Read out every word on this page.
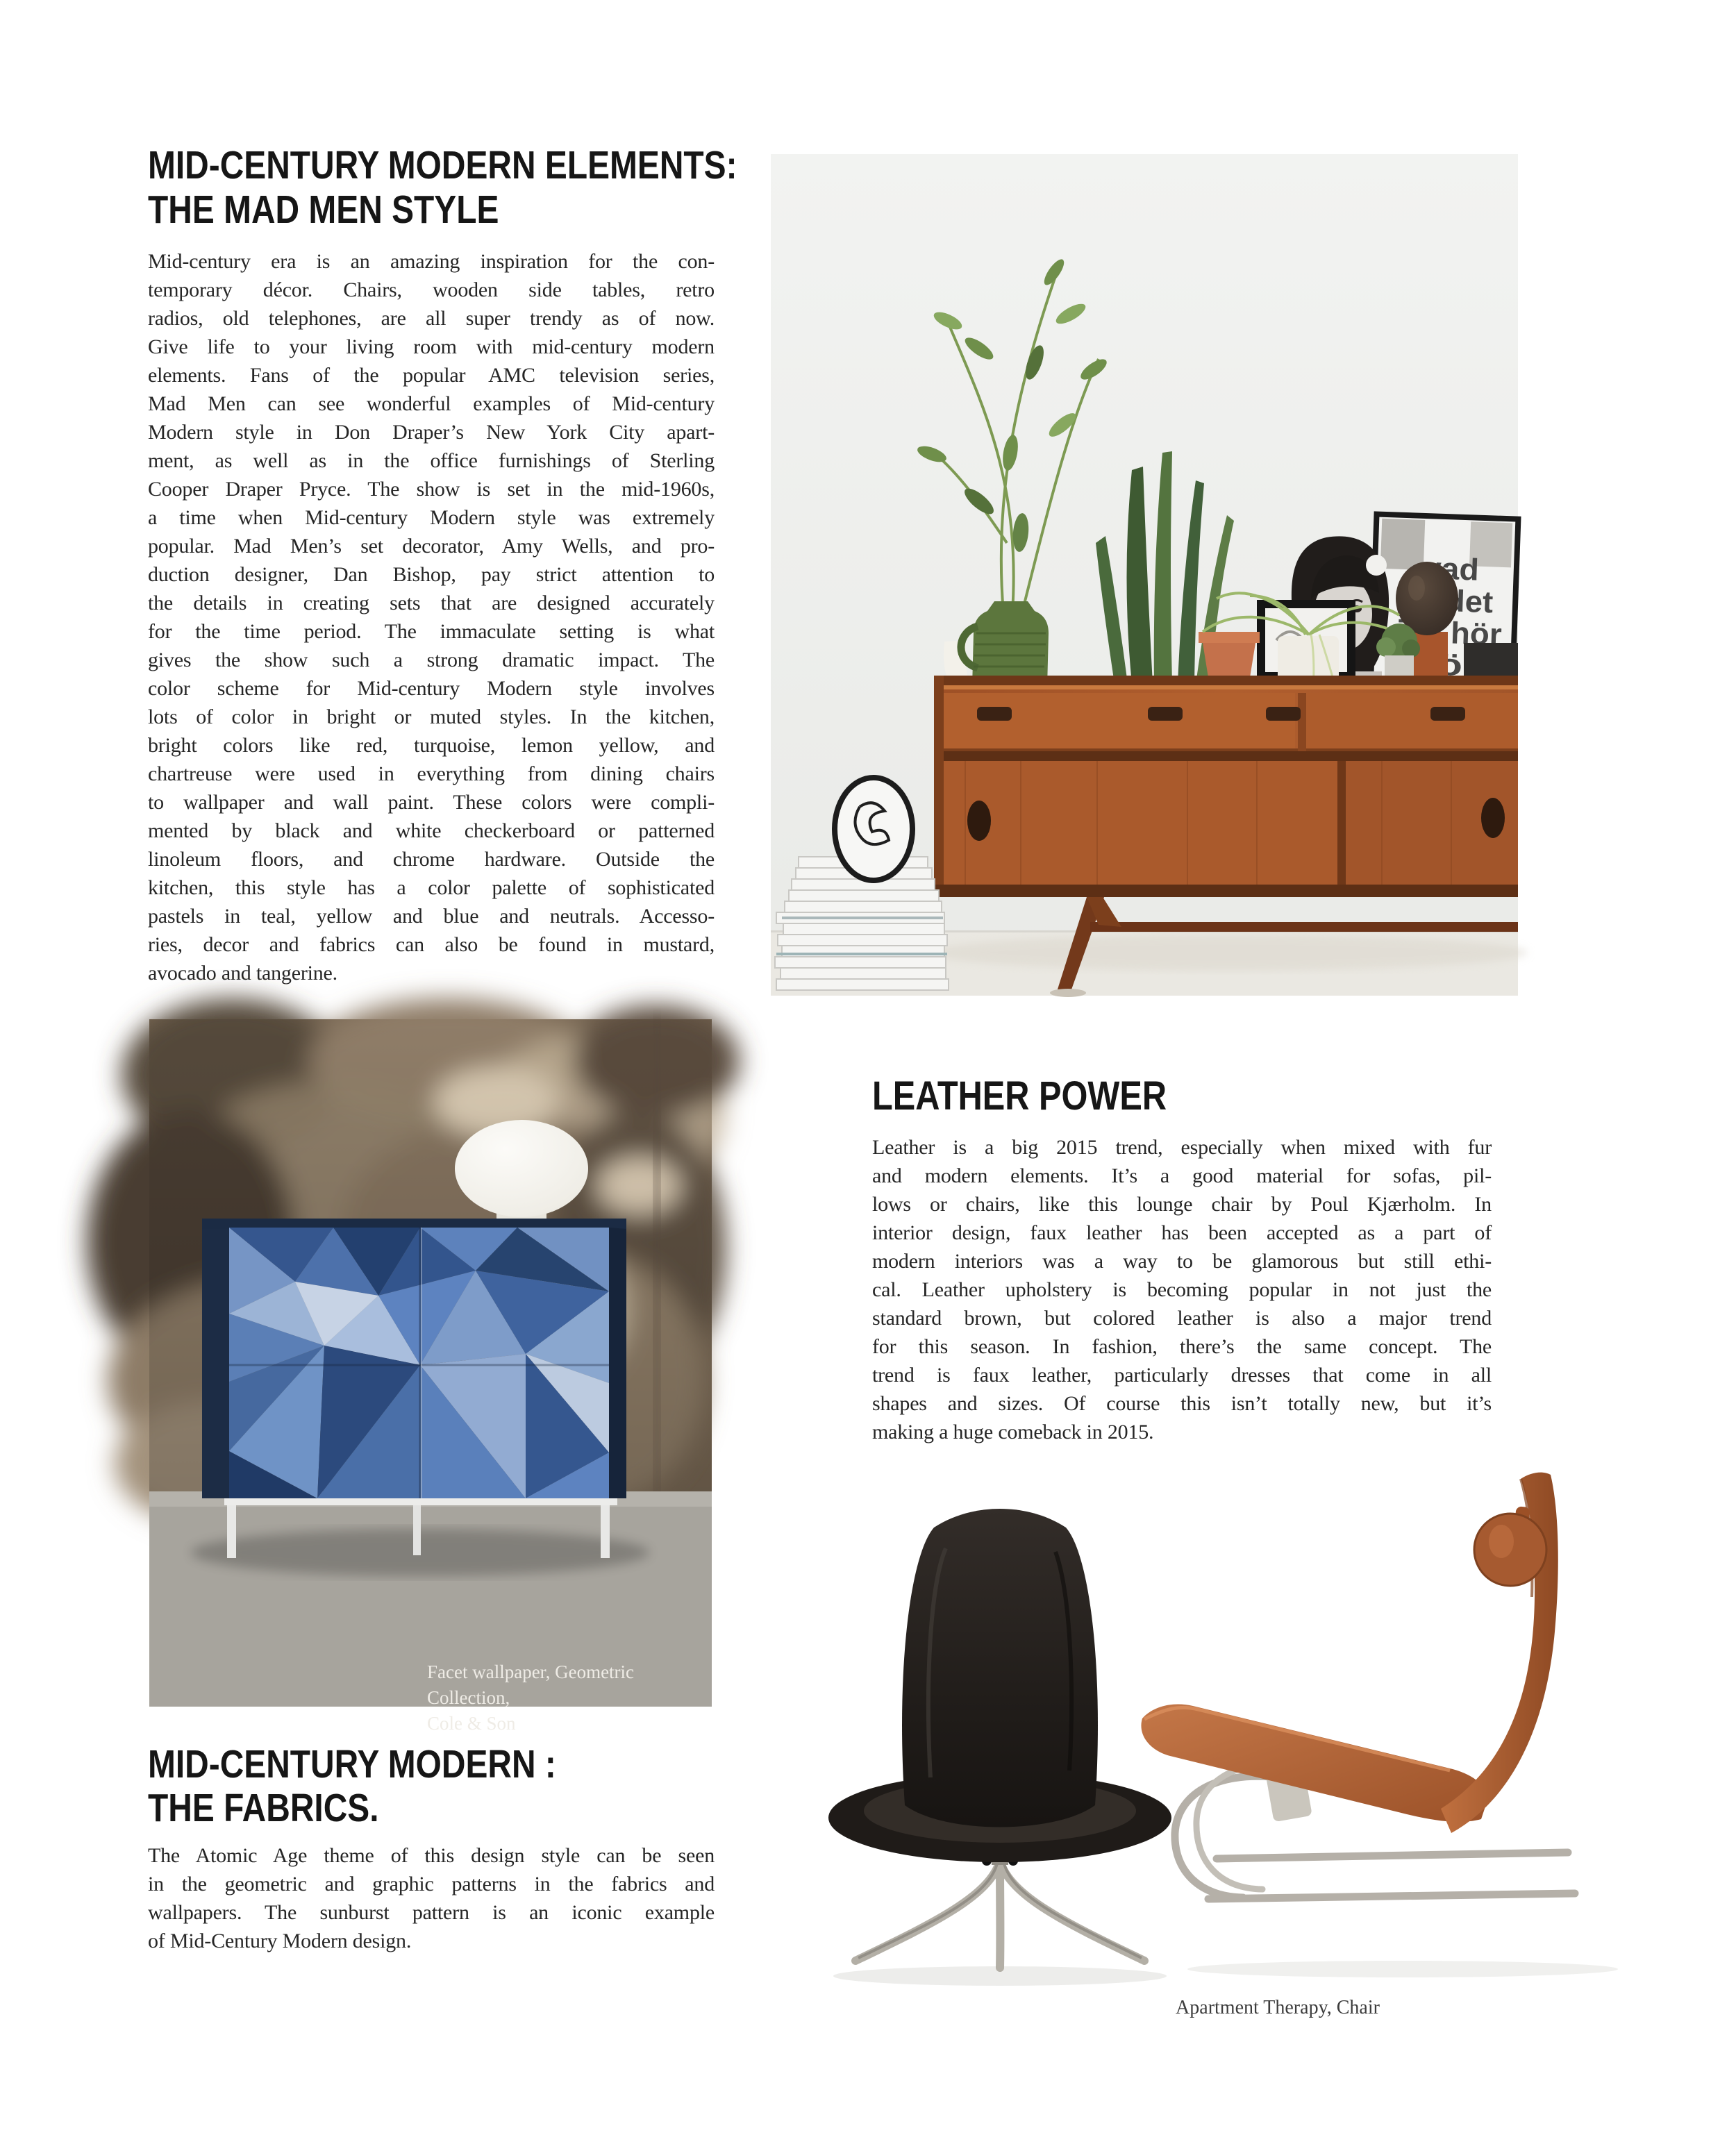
MID-CENTURY MODERN ELEMENTS:
THE MAD MEN STYLE
Mid-century era is an amazing inspiration for the con-
temporary décor. Chairs, wooden side tables, retro
radios, old telephones, are all super trendy as of now.
Give life to your living room with mid-century modern
elements. Fans of the popular AMC television series,
Mad Men can see wonderful examples of Mid-century
Modern style in Don Draper’s New York City apart-
ment, as well as in the office furnishings of Sterling
Cooper Draper Pryce. The show is set in the mid-1960s,
a time when Mid-century Modern style was extremely
popular. Mad Men’s set decorator, Amy Wells, and pro-
duction designer, Dan Bishop, pay strict attention to
the details in creating sets that are designed accurately
for the time period. The immaculate setting is what
gives the show such a strong dramatic impact. The
color scheme for Mid-century Modern style involves
lots of color in bright or muted styles. In the kitchen,
bright colors like red, turquoise, lemon yellow, and
chartreuse were used in everything from dining chairs
to wallpaper and wall paint. These colors were compli-
mented by black and white checkerboard or patterned
linoleum floors, and chrome hardware. Outside the
kitchen, this style has a color palette of sophisticated
pastels in teal, yellow and blue and neutrals. Accesso-
ries, decor and fabrics can also be found in mustard,
avocado and tangerine.
vad
Facet wallpaper, Geometric Collection,
Cole & Son
LEATHER POWER
Leather is a big 2015 trend, especially when mixed with fur
and modern elements. It’s a good material for sofas, pil-
lows or chairs, like this lounge chair by Poul Kjærholm. In
interior design, faux leather has been accepted as a part of
modern interiors was a way to be glamorous but still ethi-
cal. Leather upholstery is becoming popular in not just the
standard brown, but colored leather is also a major trend
for this season. In fashion, there’s the same concept. The
trend is faux leather, particularly dresses that come in all
shapes and sizes. Of course this isn’t totally new, but it’s
making a huge comeback in 2015.
Apartment Therapy, Chair
MID-CENTURY MODERN :
THE FABRICS.
The Atomic Age theme of this design style can be seen
in the geometric and graphic patterns in the fabrics and
wallpapers. The sunburst pattern is an iconic example
of Mid-Century Modern design.
